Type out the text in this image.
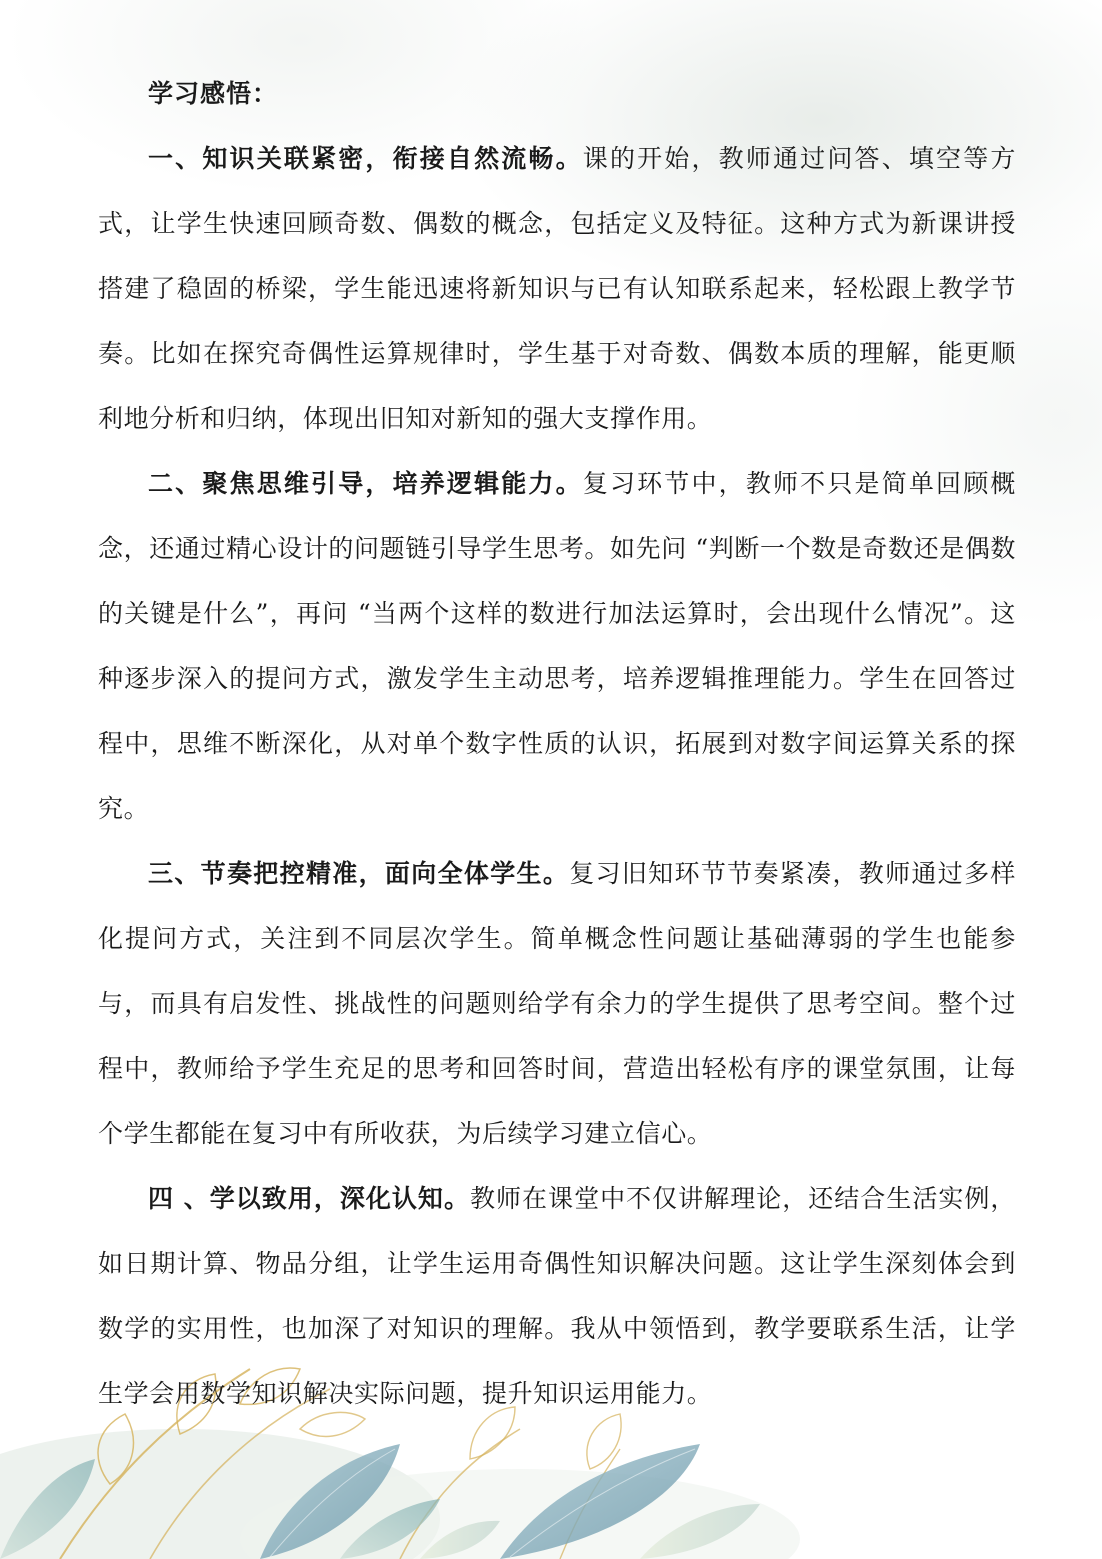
学习感悟：

一、知识关联紧密，衔接自然流畅。课的开始，教师通过问答、填空等方式，让学生快速回顾奇数、偶数的概念，包括定义及特征。这种方式为新课讲授搭建了稳固的桥梁，学生能迅速将新知识与已有认知联系起来，轻松跟上教学节奏。比如在探究奇偶性运算规律时，学生基于对奇数、偶数本质的理解，能更顺利地分析和归纳，体现出旧知对新知的强大支撑作用。

二、聚焦思维引导，培养逻辑能力。复习环节中，教师不只是简单回顾概念，还通过精心设计的问题链引导学生思考。如先问 “判断一个数是奇数还是偶数的关键是什么”，再问 “当两个这样的数进行加法运算时，会出现什么情况”。这种逐步深入的提问方式，激发学生主动思考，培养逻辑推理能力。学生在回答过程中，思维不断深化，从对单个数字性质的认识，拓展到对数字间运算关系的探究。

三、节奏把控精准，面向全体学生。复习旧知环节节奏紧凑，教师通过多样化提问方式，关注到不同层次学生。简单概念性问题让基础薄弱的学生也能参与，而具有启发性、挑战性的问题则给学有余力的学生提供了思考空间。整个过程中，教师给予学生充足的思考和回答时间，营造出轻松有序的课堂氛围，让每个学生都能在复习中有所收获，为后续学习建立信心。

四 、学以致用，深化认知。教师在课堂中不仅讲解理论，还结合生活实例，如日期计算、物品分组，让学生运用奇偶性知识解决问题。这让学生深刻体会到数学的实用性，也加深了对知识的理解。我从中领悟到，教学要联系生活，让学生学会用数学知识解决实际问题，提升知识运用能力。
